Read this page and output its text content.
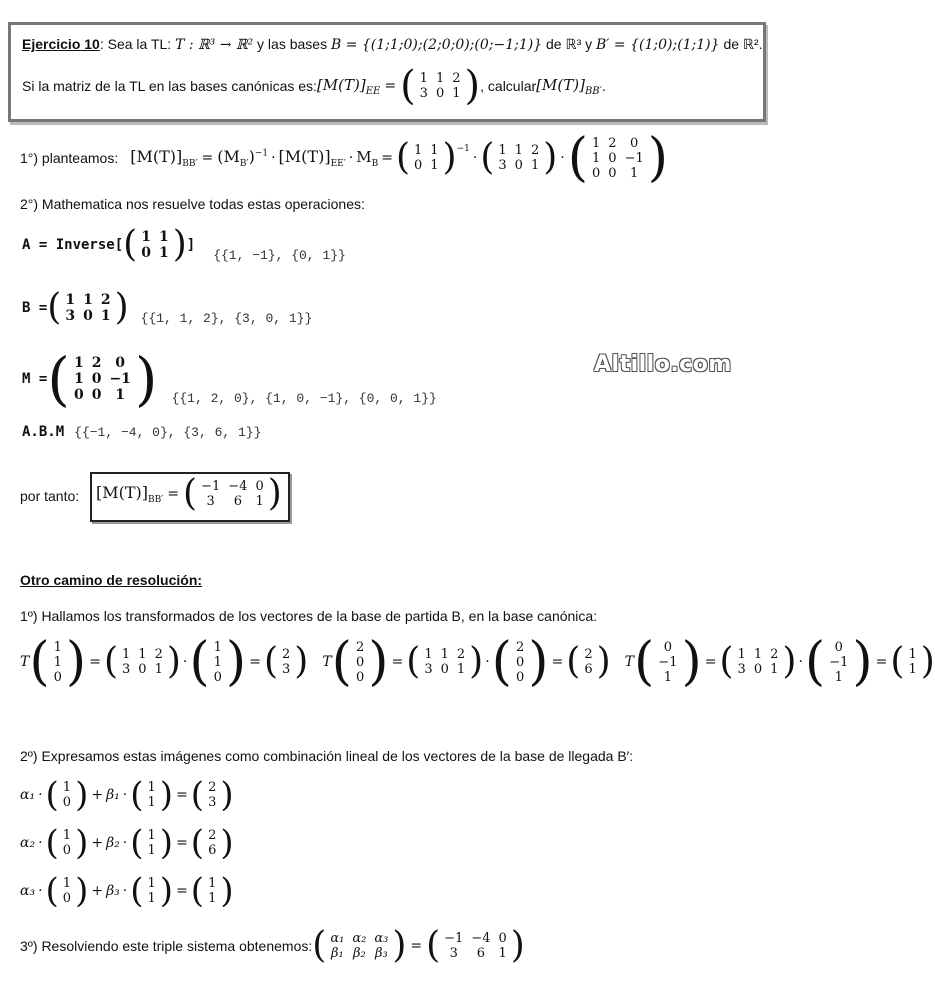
Ejercicio 10: Sea la TL: T : ℝ³ → ℝ² y las bases B = {(1;1;0);(2;0;0);(0;−1;1)} de ℝ³ y B′ = {(1;0);(1;1)} de ℝ².
Si la matriz de la TL en las bases canónicas es: $[M(T)]_{EE}$ = ( 1	1	2
3	0	1 ) , calcular $[M(T)]_{BB'}$ .
1°) planteamos: $[M(T)]_{BB'} = (M_{B'})^{-1} \cdot [M(T)]_{EE'} \cdot M_B$ = ( 1	1
0	1 )$^{-1}$
· ( 1	1	2
3	0	1 ) · ( 1	2	0
1	0	−1
0	0	1 )
2°) Mathematica nos resuelve todas estas operaciones:
A = Inverse[ ( 1	1
0	1 ) ]
{{1, −1}, {0, 1}}
B = ( 1	1	2
3	0	1 ) {{1, 1, 2}, {3, 0, 1}}
M = ( 1	2	0
1	0	−1
0	0	1 ) {{1, 2, 0}, {1, 0, −1}, {0, 0, 1}}
A.B.M {{−1, −4, 0}, {3, 6, 1}}
Altillo.com
por tanto: $[M(T)]_{BB'}$ = ( −1	−4	0
3	6	1 )
Otro camino de resolución:
1º) Hallamos los transformados de los vectores de la base de partida B, en la base canónica:
T ( 1
1
0 ) = ( 1	1	2
3	0	1 ) · ( 1
1
0 ) = ( 2
3 ) T ( 2
0
0 ) = ( 1	1	2
3	0	1 ) · ( 2
0
0 ) = ( 2
6 ) T ( 0
−1
1 ) = ( 1	1	2
3	0	1 ) · ( 0
−1
1 ) = ( 1
1 )
2º) Expresamos estas imágenes como combinación lineal de los vectores de la base de llegada B′:
α₁ · ( 1
0 ) + β₁ · ( 1
1 ) = ( 2
3 )
α₂ · ( 1
0 ) + β₂ · ( 1
1 ) = ( 2
6 )
α₃ · ( 1
0 ) + β₃ · ( 1
1 ) = ( 1
1 )
3º) Resolviendo este triple sistema obtenemos: ( α₁	α₂	α₃
β₁	β₂	β₃ ) = ( −1	−4	0
3	6	1 )
